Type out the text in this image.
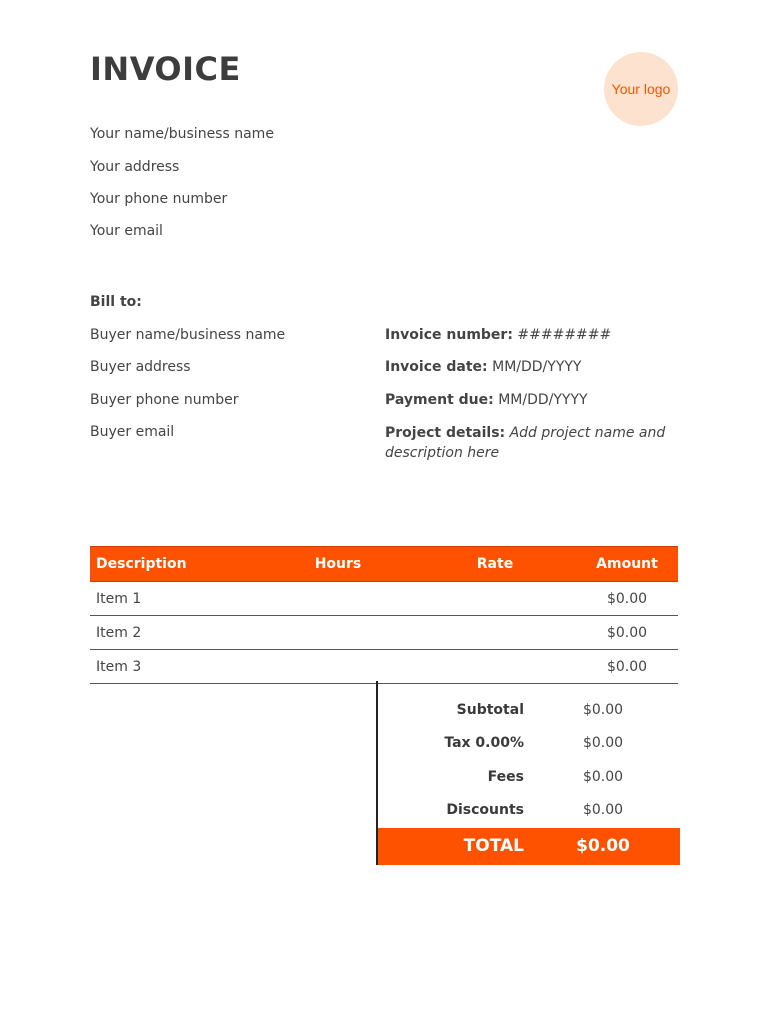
INVOICE
Your logo
Your name/business name
Your address
Your phone number
Your email
Bill to:
Buyer name/business name
Buyer address
Buyer phone number
Buyer email
Invoice number: ########
Invoice date: MM/DD/YYYY
Payment due: MM/DD/YYYY
Project details: Add project name and description here
Description	Hours	Rate	Amount
Item 1			$0.00
Item 2			$0.00
Item 3			$0.00
Subtotal	$0.00
Tax 0.00%	$0.00
Fees	$0.00
Discounts	$0.00
TOTAL	$0.00
